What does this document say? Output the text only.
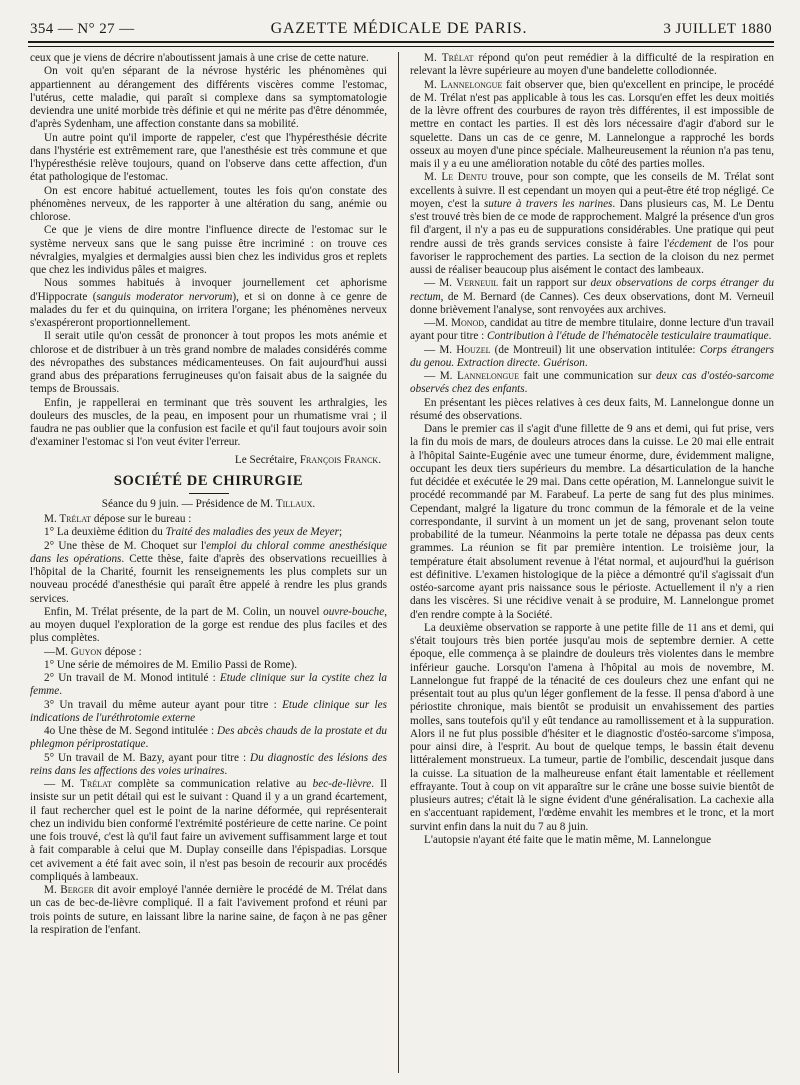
354 — N° 27 —	GAZETTE MÉDICALE DE PARIS.	3 JUILLET 1880

ceux que je viens de décrire n'aboutissent jamais à une crise de cette nature.

On voit qu'en séparant de la névrose hystéric les phénomènes qui appartiennent au dérangement des différents viscères comme l'estomac, l'utérus, cette maladie, qui paraît si complexe dans sa symptomatologie deviendra une unité morbide très définie et qui ne mérite pas d'être dénommée, d'après Sydenham, une affection constante dans sa mobilité.

Un autre point qu'il importe de rappeler, c'est que l'hypéresthésie décrite dans l'hystérie est extrêmement rare, que l'anesthésie est très commune et que l'hypéresthésie relève toujours, quand on l'observe dans cette affection, d'un état pathologique de l'estomac.

On est encore habitué actuellement, toutes les fois qu'on constate des phénomènes nerveux, de les rapporter à une altération du sang, anémie ou chlorose.

Ce que je viens de dire montre l'influence directe de l'estomac sur le système nerveux sans que le sang puisse être incriminé : on trouve ces névralgies, myalgies et dermalgies aussi bien chez les individus gros et replets que chez les individus pâles et maigres.

Nous sommes habitués à invoquer journellement cet aphorisme d'Hippocrate (sanguis moderator nervorum), et si on donne à ce genre de malades du fer et du quinquina, on irritera l'organe; les phénomènes nerveux s'exaspéreront proportionnellement.

Il serait utile qu'on cessât de prononcer à tout propos les mots anémie et chlorose et de distribuer à un très grand nombre de malades considérés comme des névropathes des substances médicamenteuses. On fait aujourd'hui aussi grand abus des préparations ferrugineuses qu'on faisait abus de la saignée du temps de Broussais.

Enfin, je rappellerai en terminant que très souvent les arthralgies, les douleurs des muscles, de la peau, en imposent pour un rhumatisme vrai ; il faudra ne pas oublier que la confusion est facile et qu'il faut toujours avoir soin d'examiner l'estomac si l'on veut éviter l'erreur.

Le Secrétaire, François Franck.

SOCIÉTÉ DE CHIRURGIE

Séance du 9 juin. — Présidence de M. Tillaux.

M. Trélat dépose sur le bureau :

1° La deuxième édition du Traité des maladies des yeux de Meyer;

2° Une thèse de M. Choquet sur l'emploi du chloral comme anesthésique dans les opérations. Cette thèse, faite d'après des observations recueillies à l'hôpital de la Charité, fournit les renseignements les plus complets sur un nouveau procédé d'anesthésie qui paraît être appelé à rendre les plus grands services.

Enfin, M. Trélat présente, de la part de M. Colin, un nouvel ouvre-bouche, au moyen duquel l'exploration de la gorge est rendue des plus faciles et des plus complètes.

—M. Guyon dépose :

1° Une série de mémoires de M. Emilio Passi de Rome).

2° Un travail de M. Monod intitulé : Etude clinique sur la cystite chez la femme.

3° Un travail du même auteur ayant pour titre : Etude clinique sur les indications de l'uréthrotomie externe

4o Une thèse de M. Segond intitulée : Des abcès chauds de la prostate et du phlegmon périprostatique.

5° Un travail de M. Bazy, ayant pour titre : Du diagnostic des lésions des reins dans les affections des voies urinaires.

— M. Trélat complète sa communication relative au bec-de-lièvre. Il insiste sur un petit détail qui est le suivant : Quand il y a un grand écartement, il faut rechercher quel est le point de la narine déformée, qui représenterait chez un individu bien conformé l'extrémité postérieure de cette narine. Ce point une fois trouvé, c'est là qu'il faut faire un avivement suffisamment large et tout à fait comparable à celui que M. Duplay conseille dans l'épispadias. Lorsque cet avivement a été fait avec soin, il n'est pas besoin de recourir aux procédés compliqués à lambeaux.

M. Berger dit avoir employé l'année dernière le procédé de M. Trélat dans un cas de bec-de-lièvre compliqué. Il a fait l'avivement profond et réuni par trois points de suture, en laissant libre la narine saine, de façon à ne pas gêner la respiration de l'enfant.

M. Trélat répond qu'on peut remédier à la difficulté de la respiration en relevant la lèvre supérieure au moyen d'une bandelette collodionnée.

M. Lannelongue fait observer que, bien qu'excellent en principe, le procédé de M. Trélat n'est pas applicable à tous les cas. Lorsqu'en effet les deux moitiés de la lèvre offrent des courbures de rayon très différentes, il est impossible de mettre en contact les parties. Il est dès lors nécessaire d'agir d'abord sur le squelette. Dans un cas de ce genre, M. Lannelongue a rapproché les bords osseux au moyen d'une pince spéciale. Malheureusement la réunion n'a pas tenu, mais il y a eu une amélioration notable du côté des parties molles.

M. Le Dentu trouve, pour son compte, que les conseils de M. Trélat sont excellents à suivre. Il est cependant un moyen qui a peut-être été trop négligé. Ce moyen, c'est la suture à travers les narines. Dans plusieurs cas, M. Le Dentu s'est trouvé très bien de ce mode de rapprochement. Malgré la présence d'un gros fil d'argent, il n'y a pas eu de suppurations considérables. Une pratique qui peut rendre aussi de très grands services consiste à faire l'écdement de l'os pour favoriser le rapprochement des parties. La section de la cloison du nez permet aussi de réaliser beaucoup plus aisément le contact des lambeaux.

— M. Verneuil fait un rapport sur deux observations de corps étranger du rectum, de M. Bernard (de Cannes). Ces deux observations, dont M. Verneuil donne brièvement l'analyse, sont renvoyées aux archives.

—M. Monod, candidat au titre de membre titulaire, donne lecture d'un travail ayant pour titre : Contribution à l'étude de l'hématocèle testiculaire traumatique.

— M. Houzel (de Montreuil) lit une observation intitulée: Corps étrangers du genou. Extraction directe. Guérison.

— M. Lannelongue fait une communication sur deux cas d'ostéo-sarcome observés chez des enfants.

En présentant les pièces relatives à ces deux faits, M. Lannelongue donne un résumé des observations.

Dans le premier cas il s'agit d'une fillette de 9 ans et demi, qui fut prise, vers la fin du mois de mars, de douleurs atroces dans la cuisse. Le 20 mai elle entrait à l'hôpital Sainte-Eugénie avec une tumeur énorme, dure, évidemment maligne, occupant les deux tiers supérieurs du membre. La désarticulation de la hanche fut décidée et exécutée le 29 mai. Dans cette opération, M. Lannelongue suivit le procédé recommandé par M. Farabeuf. La perte de sang fut des plus minimes. Cependant, malgré la ligature du tronc commun de la fémorale et de la veine correspondante, il survint à un moment un jet de sang, provenant selon toute probabilité de la tumeur. Néanmoins la perte totale ne dépassa pas deux cents grammes. La réunion se fit par première intention. Le troisième jour, la température était absolument revenue à l'état normal, et aujourd'hui la guérison est définitive. L'examen histologique de la pièce a démontré qu'il s'agissait d'un ostéo-sarcome ayant pris naissance sous le périoste. Actuellement il n'y a rien dans les viscères. Si une récidive venait à se produire, M. Lannelongue promet d'en rendre compte à la Société.

La deuxième observation se rapporte à une petite fille de 11 ans et demi, qui s'était toujours très bien portée jusqu'au mois de septembre dernier. A cette époque, elle commença à se plaindre de douleurs très violentes dans le membre inférieur gauche. Lorsqu'on l'amena à l'hôpital au mois de novembre, M. Lannelongue fut frappé de la ténacité de ces douleurs chez une enfant qui ne présentait tout au plus qu'un léger gonflement de la fesse. Il pensa d'abord à une périostite chronique, mais bientôt se produisit un envahissement des parties molles, sans toutefois qu'il y eût tendance au ramollissement et à la suppuration. Alors il ne fut plus possible d'hésiter et le diagnostic d'ostéo-sarcome s'imposa, pour ainsi dire, à l'esprit. Au bout de quelque temps, le bassin était devenu littéralement monstrueux. La tumeur, partie de l'ombilic, descendait jusque dans la cuisse. La situation de la malheureuse enfant était lamentable et réellement effrayante. Tout à coup on vit apparaître sur le crâne une bosse suivie bientôt de plusieurs autres; c'était là le signe évident d'une généralisation. La cachexie alla en s'accentuant rapidement, l'œdème envahit les membres et le tronc, et la mort survint enfin dans la nuit du 7 au 8 juin.

L'autopsie n'ayant été faite que le matin même, M. Lannelongue
